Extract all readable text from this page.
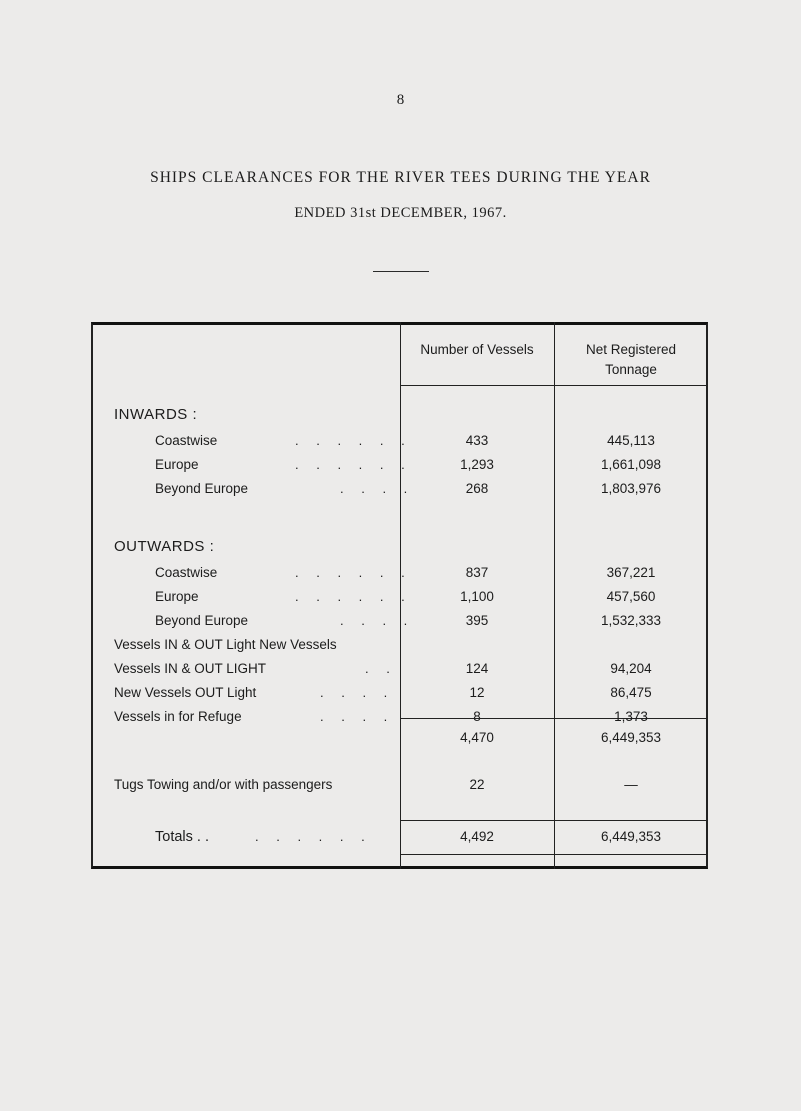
8
SHIPS CLEARANCES FOR THE RIVER TEES DURING THE YEAR
ENDED 31st DECEMBER, 1967.
Number of Vessels	Net Registered
Tonnage
INWARDS :
Coastwise	. . . . . .	433	445,113
Europe	. . . . . .	1,293	1,661,098
Beyond Europe	. . . .	268	1,803,976
OUTWARDS :
Coastwise	. . . . . .	837	367,221
Europe	. . . . . .	1,100	457,560
Beyond Europe	. . . .	395	1,532,333
Vessels IN & OUT Light New Vessels
Vessels IN & OUT LIGHT	. .	124	94,204
New Vessels OUT Light	. . . .	12	86,475
Vessels in for Refuge	. . . .	8	1,373
4,470	6,449,353
Tugs Towing and/or with passengers	22	—
Totals . .	. . . . . .	4,492	6,449,353
